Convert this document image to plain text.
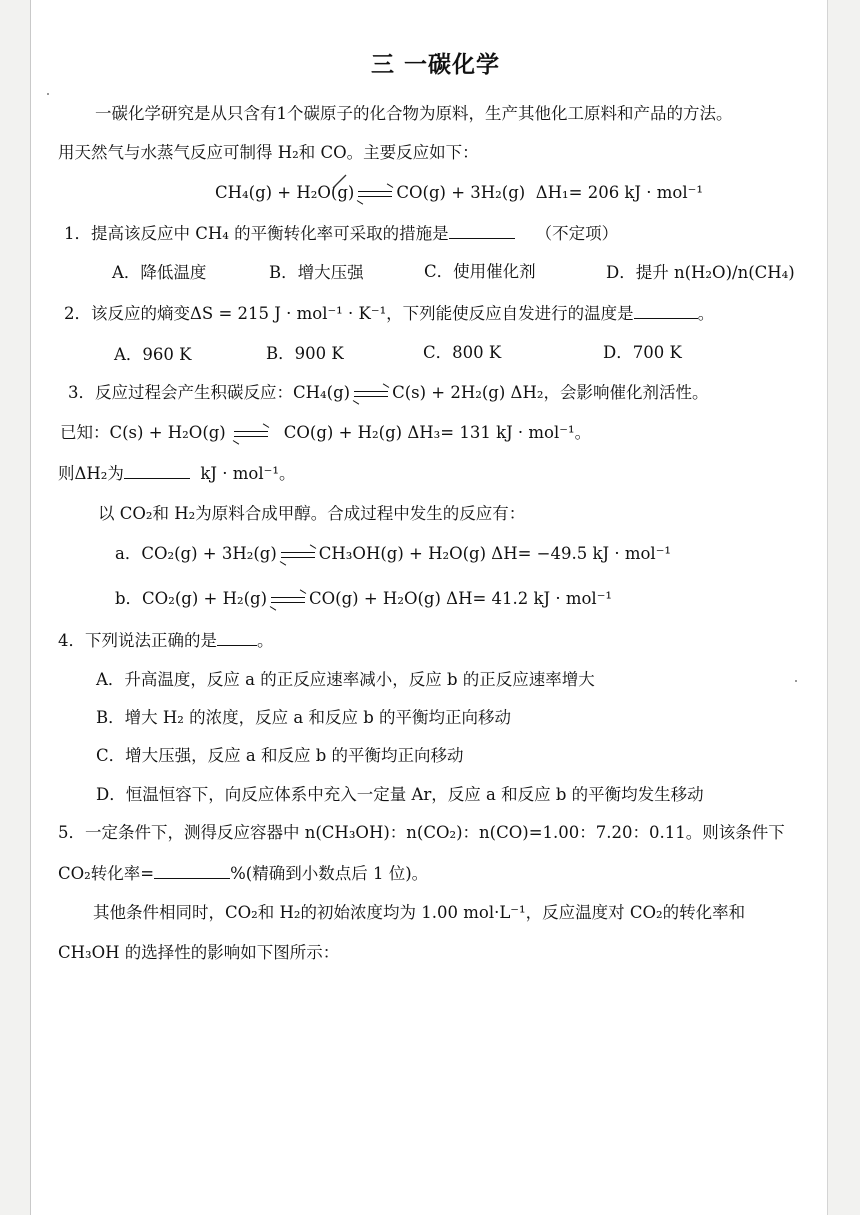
三 一碳化学
一碳化学研究是从只含有1个碳原子的化合物为原料，生产其他化工原料和产品的方法。
用天然气与水蒸气反应可制得 H₂和 CO。主要反应如下：
CH₄(g) + H₂O(g)	CO(g) + 3H₂(g) ΔH₁= 206 kJ · mol⁻¹
1．提高该反应中 CH₄ 的平衡转化率可采取的措施是	（不定项）
A．降低温度	B．增大压强	C．使用催化剂	D．提升 n(H₂O)/n(CH₄)
2．该反应的熵变ΔS = 215 J · mol⁻¹ · K⁻¹，下列能使反应自发进行的温度是	。
A．960 K	B．900 K	C．800 K	D．700 K
3．反应过程会产生积碳反应：CH₄(g)	C(s) + 2H₂(g) ΔH₂，会影响催化剂活性。
已知：C(s) + H₂O(g)	CO(g) + H₂(g) ΔH₃= 131 kJ · mol⁻¹。
则ΔH₂为	kJ · mol⁻¹。
以 CO₂和 H₂为原料合成甲醇。合成过程中发生的反应有：
a．CO₂(g) + 3H₂(g)	CH₃OH(g) + H₂O(g) ΔH= −49.5 kJ · mol⁻¹
b．CO₂(g) + H₂(g)	CO(g) + H₂O(g) ΔH= 41.2 kJ · mol⁻¹
4．下列说法正确的是 。
A．升高温度，反应 a 的正反应速率减小，反应 b 的正反应速率增大
B．增大 H₂ 的浓度，反应 a 和反应 b 的平衡均正向移动
C．增大压强，反应 a 和反应 b 的平衡均正向移动
D．恒温恒容下，向反应体系中充入一定量 Ar，反应 a 和反应 b 的平衡均发生移动
5．一定条件下，测得反应容器中 n(CH₃OH)：n(CO₂)：n(CO)=1.00：7.20：0.11。则该条件下
CO₂转化率=	%(精确到小数点后 1 位)。
其他条件相同时，CO₂和 H₂的初始浓度均为 1.00 mol·L⁻¹，反应温度对 CO₂的转化率和
CH₃OH 的选择性的影响如下图所示：
